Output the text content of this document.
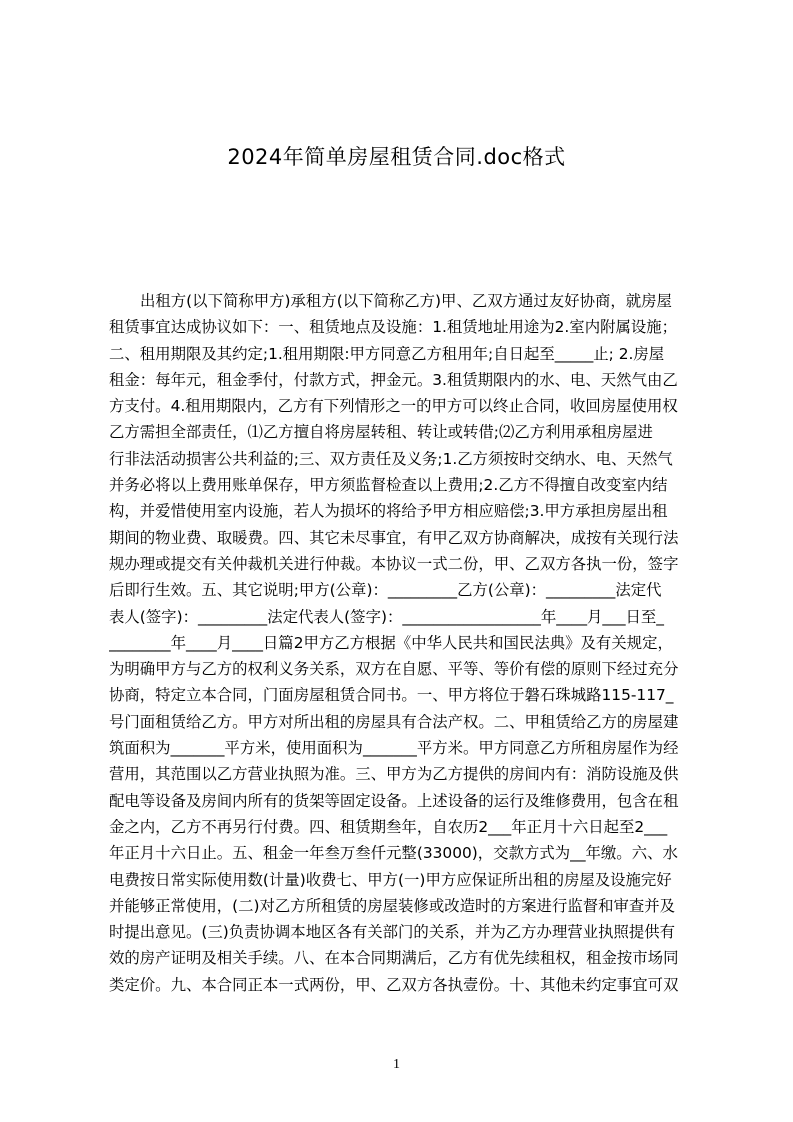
2024年简单房屋租赁合同.doc格式
出租方(以下简称甲方)承租方(以下简称乙方)甲、乙双方通过友好协商，就房屋
租赁事宜达成协议如下：一、租赁地点及设施：1.租赁地址用途为2.室内附属设施；
二、租用期限及其约定;1.租用期限:甲方同意乙方租用年;自日起至_____止; 2.房屋
租金：每年元，租金季付，付款方式，押金元。3.租赁期限内的水、电、天然气由乙
方支付。4.租用期限内，乙方有下列情形之一的甲方可以终止合同，收回房屋使用权
乙方需担全部责任，⑴乙方擅自将房屋转租、转让或转借;⑵乙方利用承租房屋进
行非法活动损害公共利益的;三、双方责任及义务;1.乙方须按时交纳水、电、天然气
并务必将以上费用账单保存，甲方须监督检查以上费用;2.乙方不得擅自改变室内结
构，并爱惜使用室内设施，若人为损坏的将给予甲方相应赔偿;3.甲方承担房屋出租
期间的物业费、取暖费。四、其它未尽事宜，有甲乙双方协商解决，成按有关现行法
规办理或提交有关仲裁机关进行仲裁。本协议一式二份，甲、乙双方各执一份，签字
后即行生效。五、其它说明;甲方(公章)：_________乙方(公章)：_________法定代
表人(签字)：_________法定代表人(签字)：__________________年____月___日至_
________年____月____日篇2甲方乙方根据《中华人民共和国民法典》及有关规定，
为明确甲方与乙方的权利义务关系，双方在自愿、平等、等价有偿的原则下经过充分
协商，特定立本合同，门面房屋租赁合同书。一、甲方将位于磐石珠城路115-117_
号门面租赁给乙方。甲方对所出租的房屋具有合法产权。二、甲租赁给乙方的房屋建
筑面积为_______平方米，使用面积为_______平方米。甲方同意乙方所租房屋作为经
营用，其范围以乙方营业执照为准。三、甲方为乙方提供的房间内有：消防设施及供
配电等设备及房间内所有的货架等固定设备。上述设备的运行及维修费用，包含在租
金之内，乙方不再另行付费。四、租赁期叁年，自农历2___年正月十六日起至2___
年正月十六日止。五、租金一年叁万叁仟元整(33000)，交款方式为__年缴。六、水
电费按日常实际使用数(计量)收费七、甲方(一)甲方应保证所出租的房屋及设施完好
并能够正常使用，(二)对乙方所租赁的房屋装修或改造时的方案进行监督和审查并及
时提出意见。(三)负责协调本地区各有关部门的关系，并为乙方办理营业执照提供有
效的房产证明及相关手续。八、在本合同期满后，乙方有优先续租权，租金按市场同
类定价。九、本合同正本一式两份，甲、乙双方各执壹份。十、其他未约定事宜可双
1
